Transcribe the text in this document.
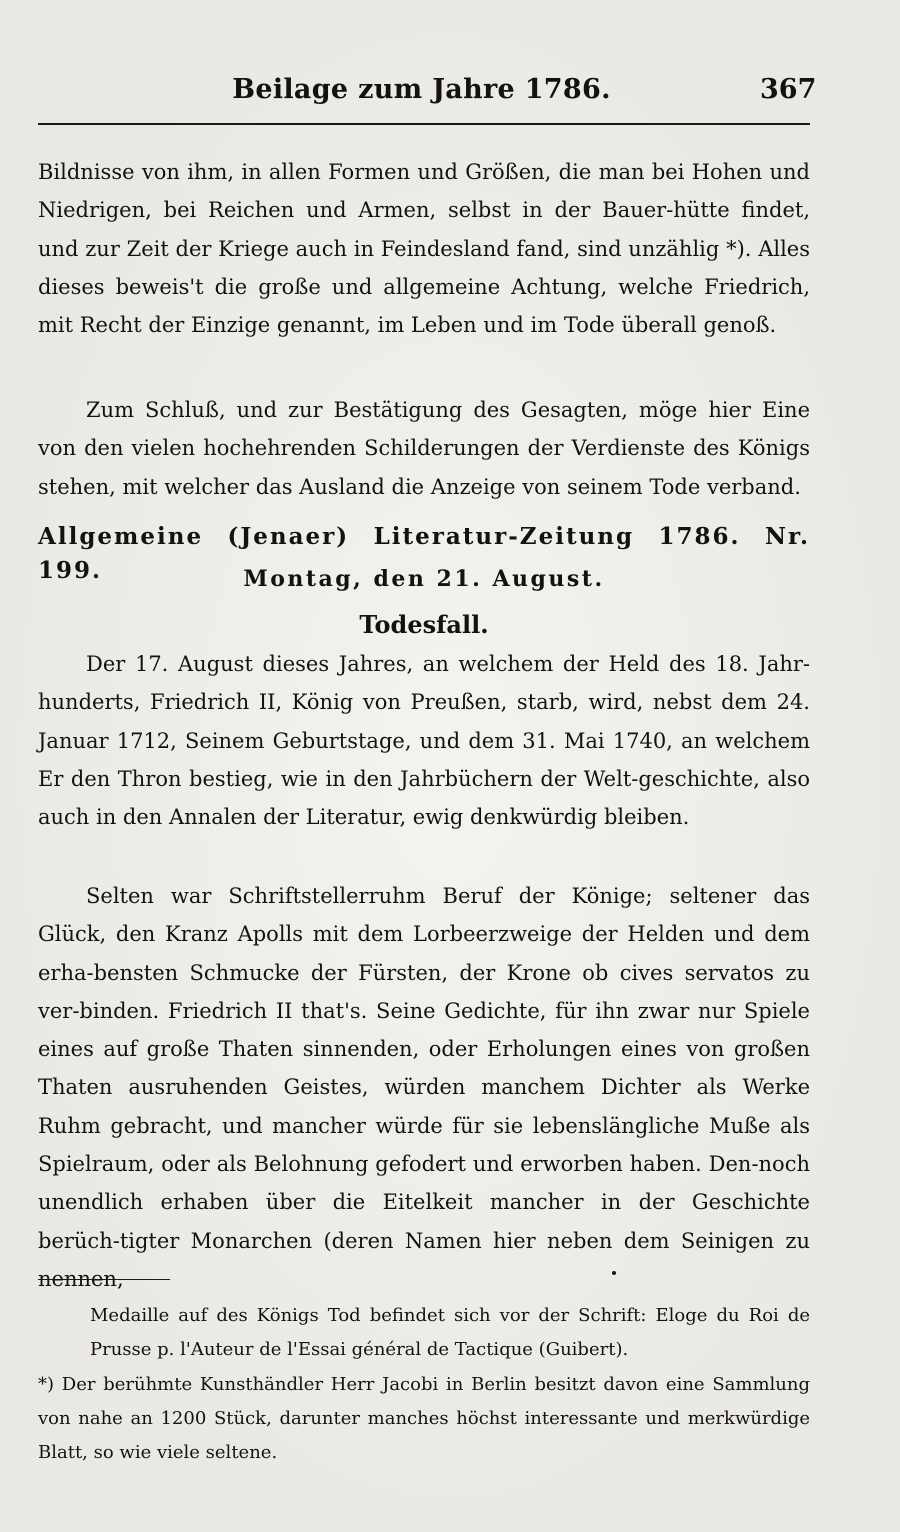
Beilage zum Jahre 1786.	367

Bildnisse von ihm, in allen Formen und Größen, die man bei Hohen und Niedrigen, bei Reichen und Armen, selbst in der Bauer-hütte findet, und zur Zeit der Kriege auch in Feindesland fand, sind unzählig *). Alles dieses beweis't die große und allgemeine Achtung, welche Friedrich, mit Recht der Einzige genannt, im Leben und im Tode überall genoß.

Zum Schluß, und zur Bestätigung des Gesagten, möge hier Eine von den vielen hochehrenden Schilderungen der Verdienste des Königs stehen, mit welcher das Ausland die Anzeige von seinem Tode verband.

Allgemeine (Jenaer) Literatur-Zeitung 1786. Nr. 199.	Montag, den 21. August.
Todesfall.

Der 17. August dieses Jahres, an welchem der Held des 18. Jahr-hunderts, Friedrich II, König von Preußen, starb, wird, nebst dem 24. Januar 1712, Seinem Geburtstage, und dem 31. Mai 1740, an welchem Er den Thron bestieg, wie in den Jahrbüchern der Welt-geschichte, also auch in den Annalen der Literatur, ewig denkwürdig bleiben.

Selten war Schriftstellerruhm Beruf der Könige; seltener das Glück, den Kranz Apolls mit dem Lorbeerzweige der Helden und dem erha-bensten Schmucke der Fürsten, der Krone ob cives servatos zu ver-binden. Friedrich II that's. Seine Gedichte, für ihn zwar nur Spiele eines auf große Thaten sinnenden, oder Erholungen eines von großen Thaten ausruhenden Geistes, würden manchem Dichter als Werke Ruhm gebracht, und mancher würde für sie lebenslängliche Muße als Spielraum, oder als Belohnung gefodert und erworben haben. Den-noch unendlich erhaben über die Eitelkeit mancher in der Geschichte berüch-tigter Monarchen (deren Namen hier neben dem Seinigen zu nennen,

Medaille auf des Königs Tod befindet sich vor der Schrift: Eloge du Roi de Prusse p. l'Auteur de l'Essai général de Tactique (Guibert).

*) Der berühmte Kunsthändler Herr Jacobi in Berlin besitzt davon eine Sammlung von nahe an 1200 Stück, darunter manches höchst interessante und merkwürdige Blatt, so wie viele seltene.
